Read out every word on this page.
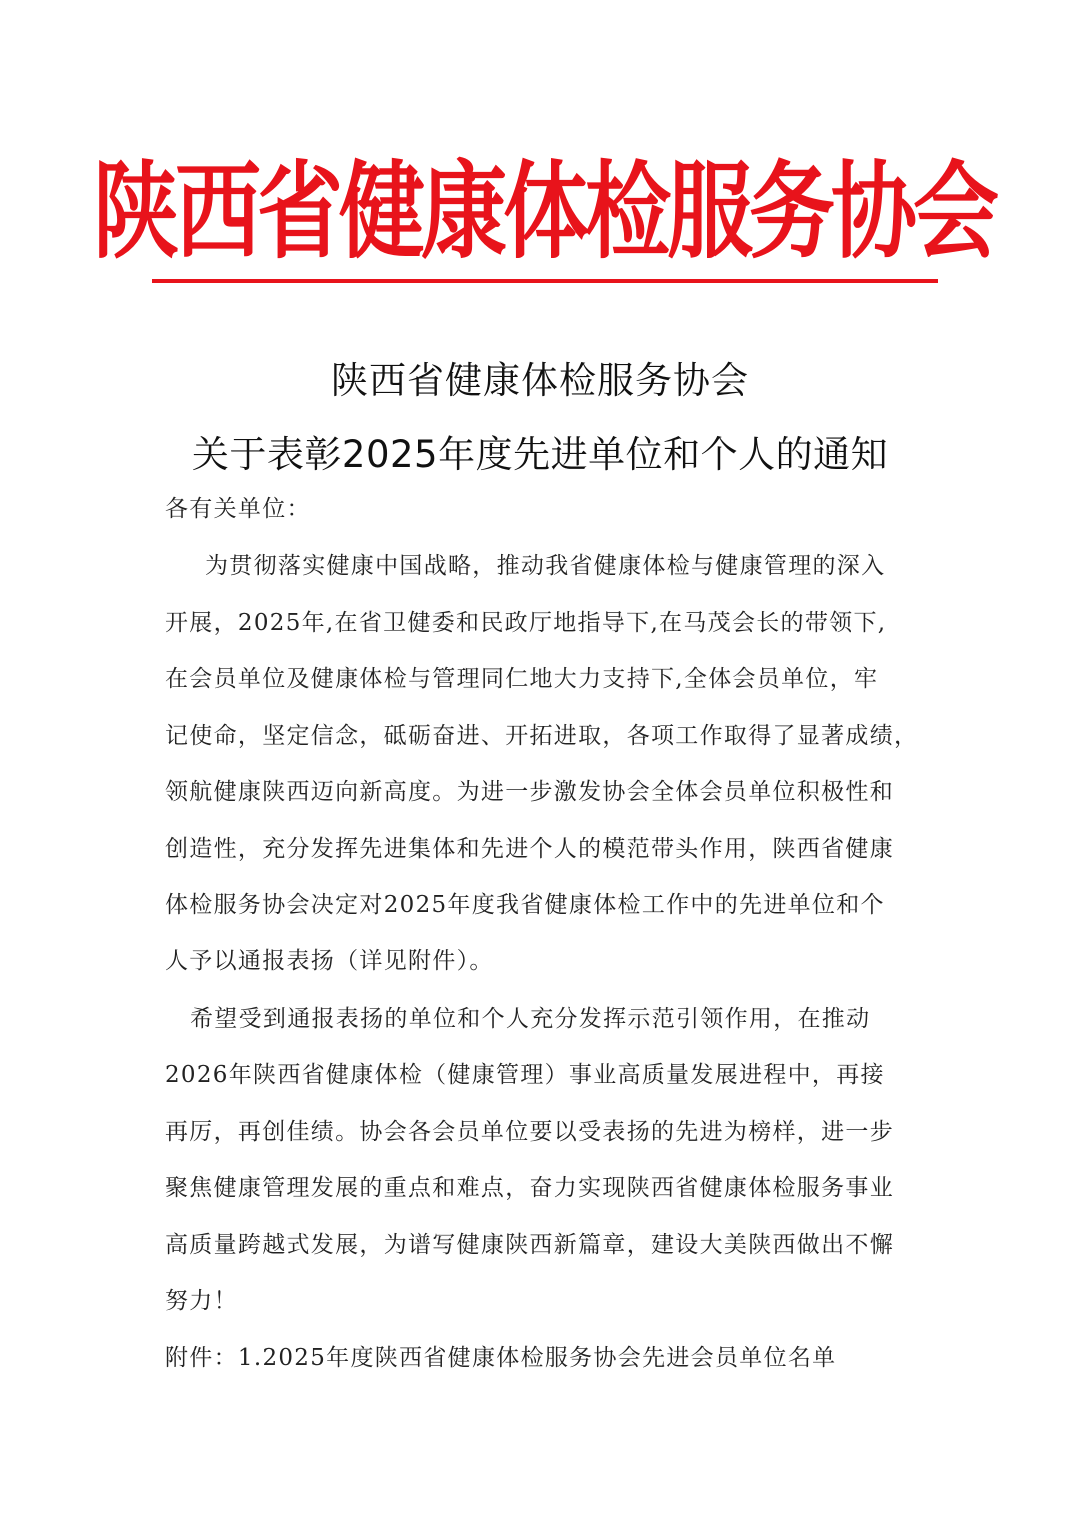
陕西省健康体检服务协会
陕西省健康体检服务协会
关于表彰2025年度先进单位和个人的通知
各有关单位：
为贯彻落实健康中国战略，推动我省健康体检与健康管理的深入
开展，2025年,在省卫健委和民政厅地指导下,在马茂会长的带领下,
在会员单位及健康体检与管理同仁地大力支持下,全体会员单位，牢
记使命，坚定信念，砥砺奋进、开拓进取，各项工作取得了显著成绩，
领航健康陕西迈向新高度。为进一步激发协会全体会员单位积极性和
创造性，充分发挥先进集体和先进个人的模范带头作用，陕西省健康
体检服务协会决定对2025年度我省健康体检工作中的先进单位和个
人予以通报表扬（详见附件）。
希望受到通报表扬的单位和个人充分发挥示范引领作用，在推动
2026年陕西省健康体检（健康管理）事业高质量发展进程中，再接
再厉，再创佳绩。协会各会员单位要以受表扬的先进为榜样，进一步
聚焦健康管理发展的重点和难点，奋力实现陕西省健康体检服务事业
高质量跨越式发展，为谱写健康陕西新篇章，建设大美陕西做出不懈
努力！
附件：1.2025年度陕西省健康体检服务协会先进会员单位名单
